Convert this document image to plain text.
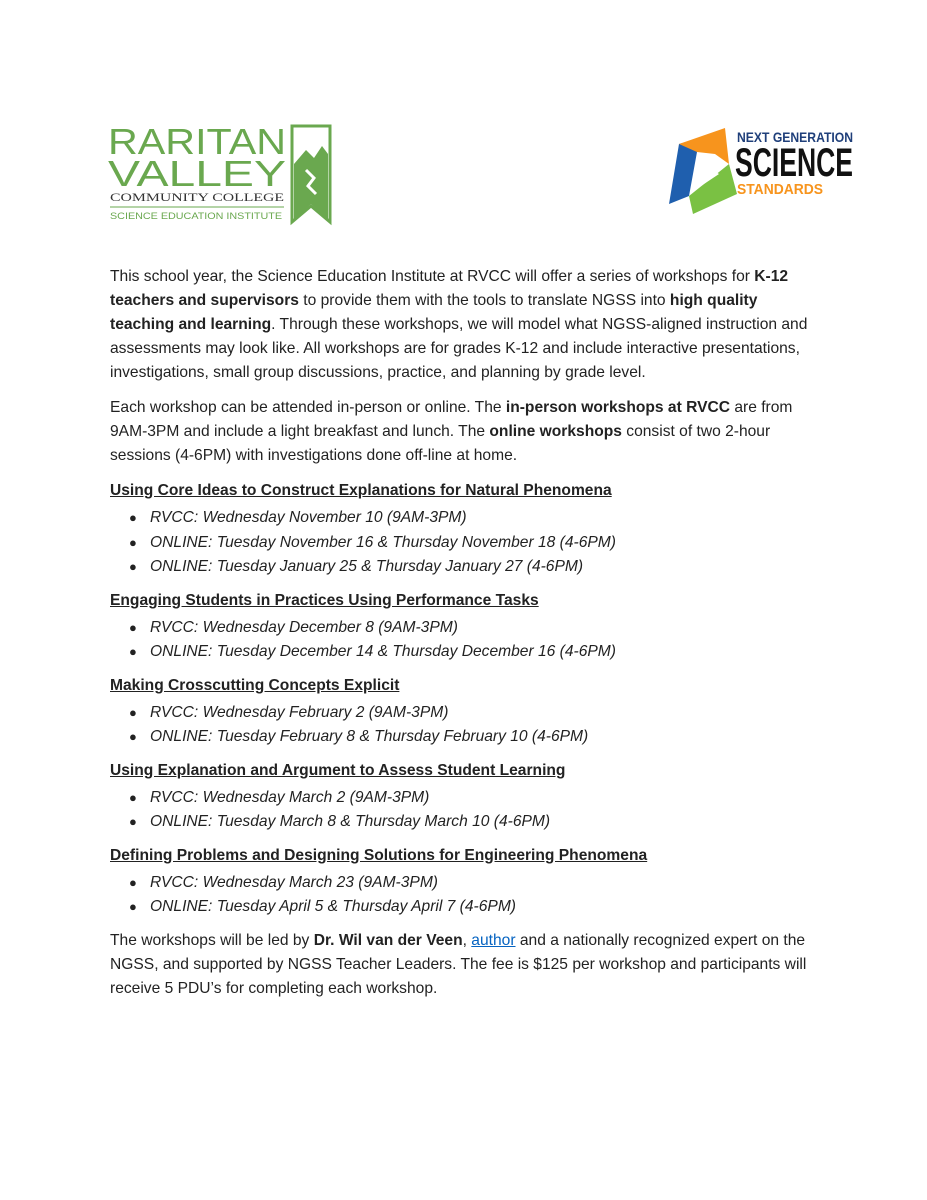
RARITAN
VALLEY
COMMUNITY COLLEGE
SCIENCE EDUCATION INSTITUTE
NEXT GENERATION
SCIENCE
STANDARDS

This school year, the Science Education Institute at RVCC will offer a series of workshops for K-12 teachers and supervisors to provide them with the tools to translate NGSS into high quality teaching and learning. Through these workshops, we will model what NGSS-aligned instruction and assessments may look like. All workshops are for grades K-12 and include interactive presentations, investigations, small group discussions, practice, and planning by grade level.

Each workshop can be attended in-person or online. The in-person workshops at RVCC are from 9AM-3PM and include a light breakfast and lunch. The online workshops consist of two 2-hour sessions (4-6PM) with investigations done off-line at home.

Using Core Ideas to Construct Explanations for Natural Phenomena
● RVCC: Wednesday November 10 (9AM-3PM)
● ONLINE: Tuesday November 16 & Thursday November 18 (4-6PM)
● ONLINE: Tuesday January 25 & Thursday January 27 (4-6PM)
Engaging Students in Practices Using Performance Tasks
● RVCC: Wednesday December 8 (9AM-3PM)
● ONLINE: Tuesday December 14 & Thursday December 16 (4-6PM)
Making Crosscutting Concepts Explicit
● RVCC: Wednesday February 2 (9AM-3PM)
● ONLINE: Tuesday February 8 & Thursday February 10 (4-6PM)
Using Explanation and Argument to Assess Student Learning
● RVCC: Wednesday March 2 (9AM-3PM)
● ONLINE: Tuesday March 8 & Thursday March 10 (4-6PM)
Defining Problems and Designing Solutions for Engineering Phenomena
● RVCC: Wednesday March 23 (9AM-3PM)
● ONLINE: Tuesday April 5 & Thursday April 7 (4-6PM)

The workshops will be led by Dr. Wil van der Veen, author and a nationally recognized expert on the NGSS, and supported by NGSS Teacher Leaders. The fee is $125 per workshop and participants will receive 5 PDU’s for completing each workshop.
